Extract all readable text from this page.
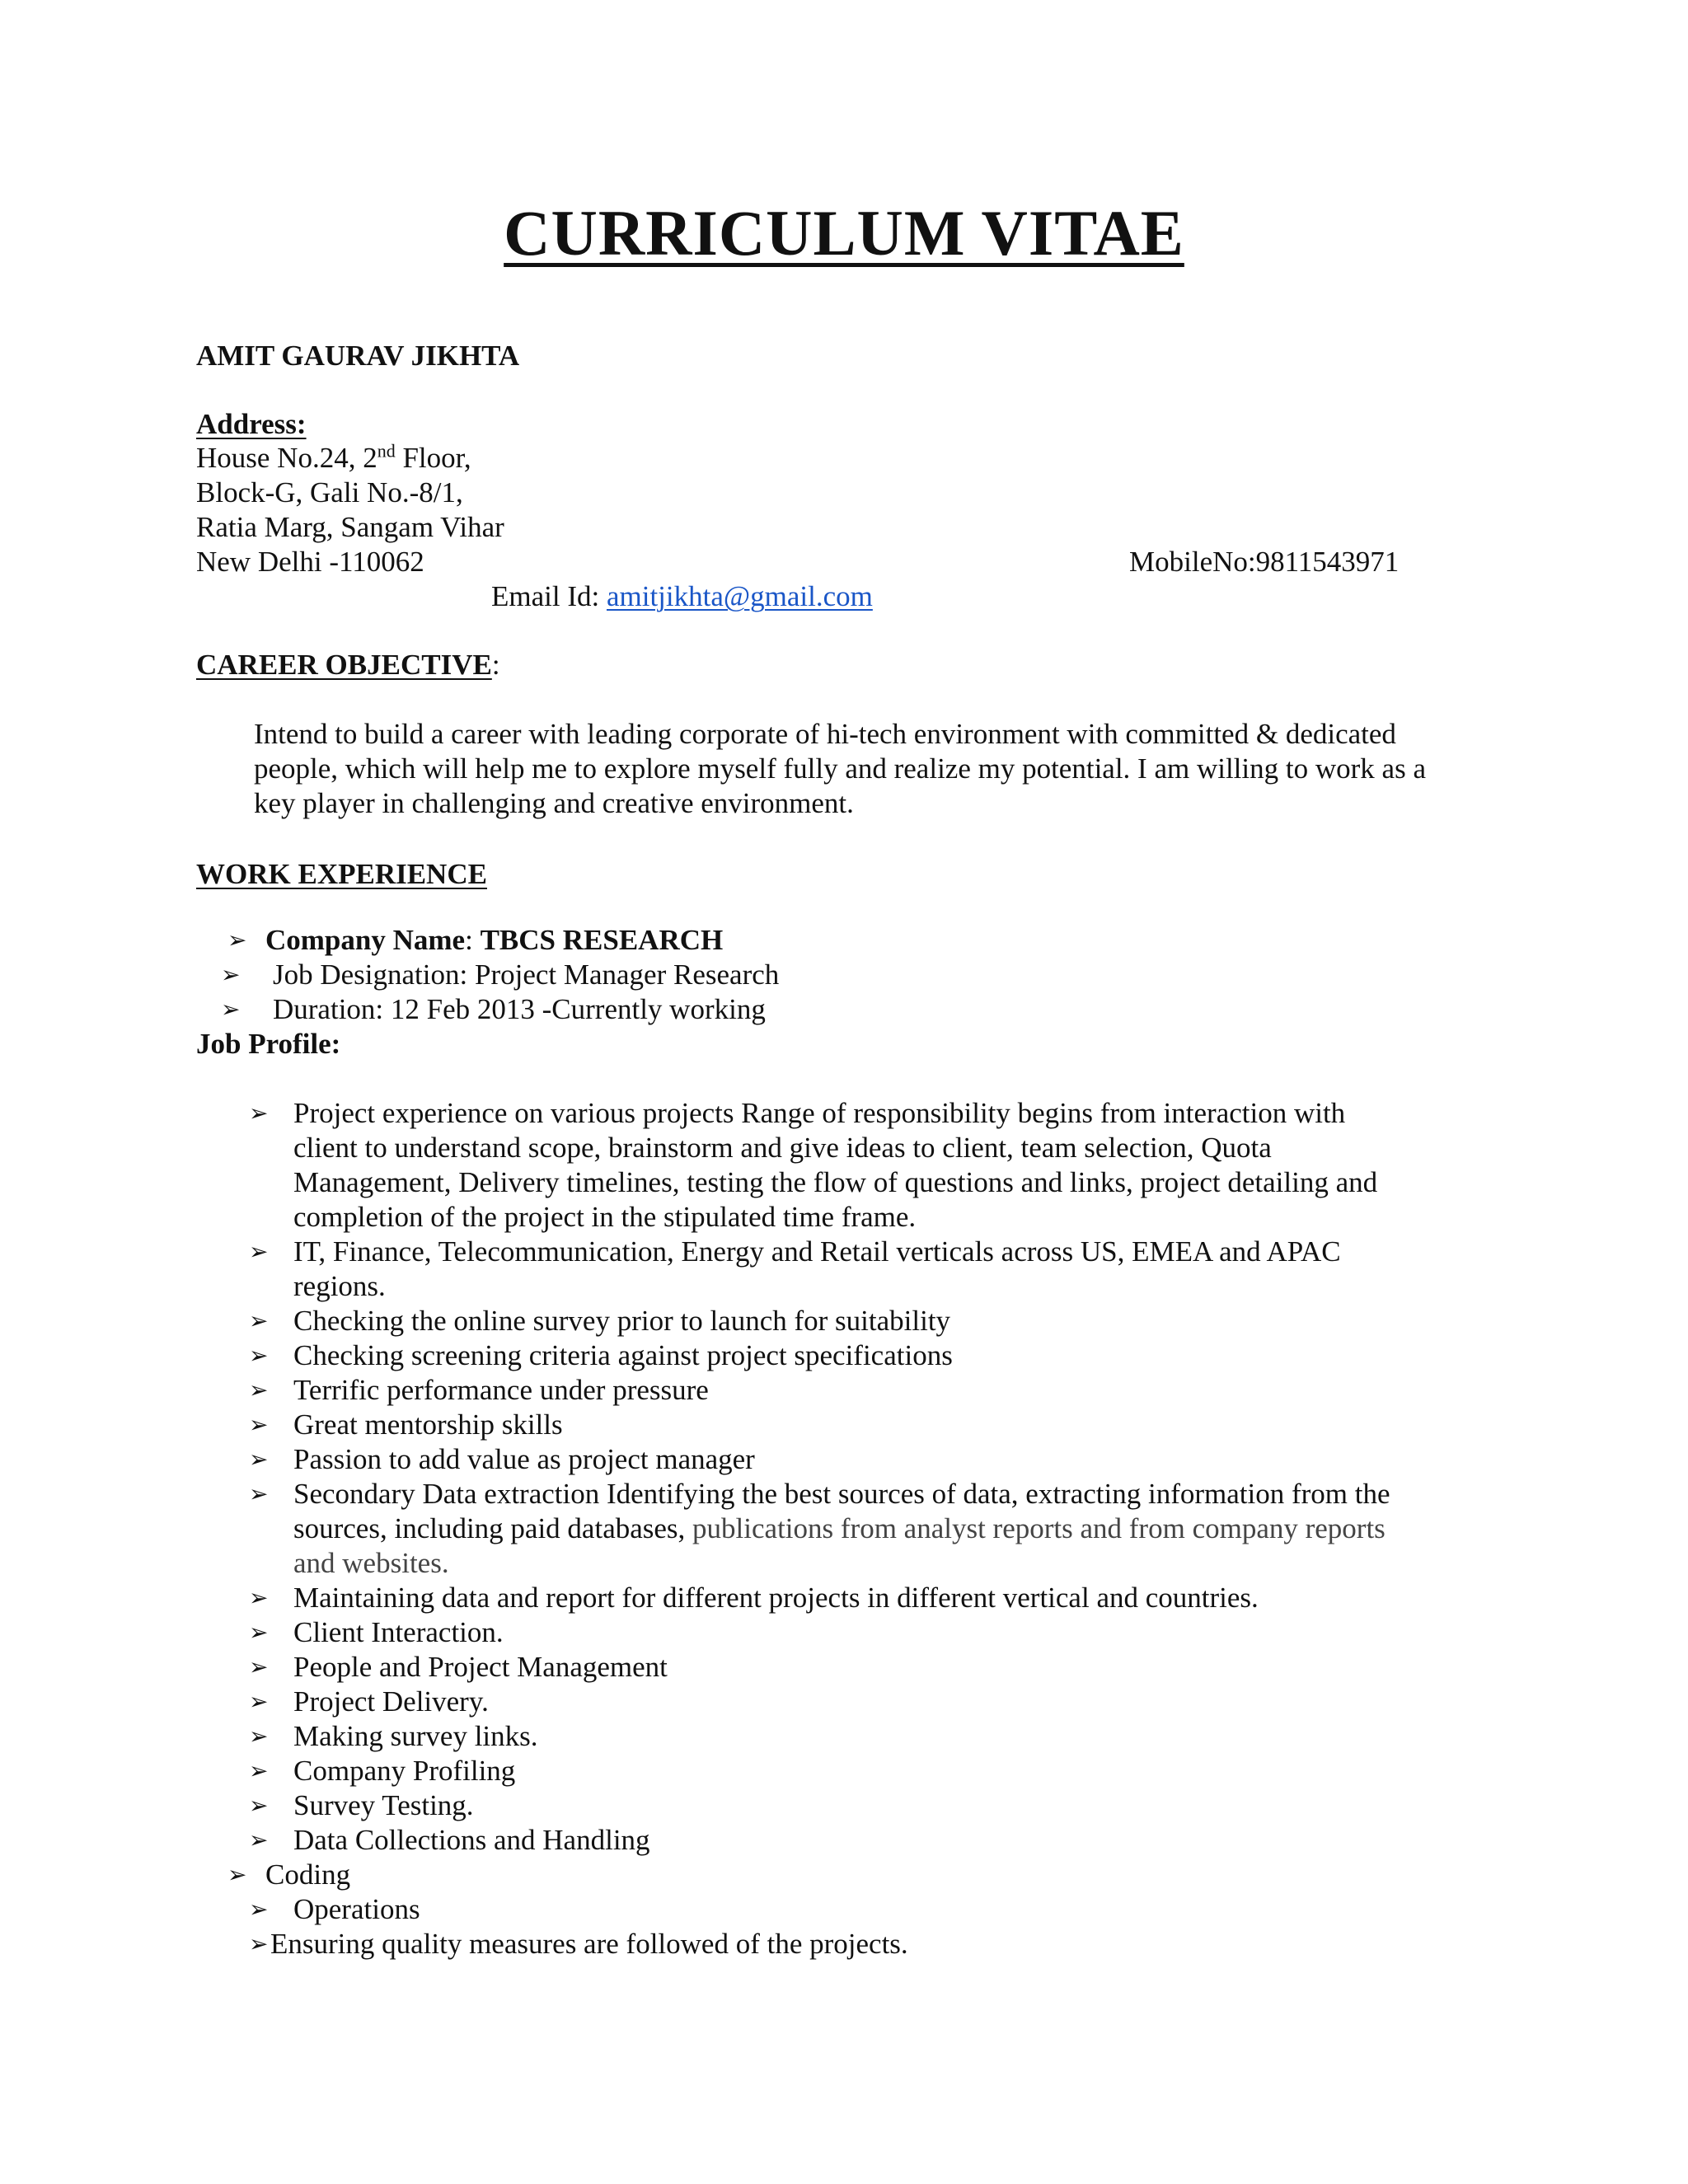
CURRICULUM VITAE
AMIT GAURAV JIKHTA
Address:
House No.24, 2nd Floor,
Block-G, Gali No.-8/1,
Ratia Marg, Sangam Vihar
New Delhi -110062	MobileNo:9811543971
Email Id: amitjikhta@gmail.com
CAREER OBJECTIVE:
Intend to build a career with leading corporate of hi-tech environment with committed & dedicated
people, which will help me to explore myself fully and realize my potential. I am willing to work as a
key player in challenging and creative environment.
WORK EXPERIENCE
➢ Company Name: TBCS RESEARCH
➢ Job Designation: Project Manager Research
➢ Duration: 12 Feb 2013 -Currently working
Job Profile:
➢ Project experience on various projects Range of responsibility begins from interaction with
client to understand scope, brainstorm and give ideas to client, team selection, Quota
Management, Delivery timelines, testing the flow of questions and links, project detailing and
completion of the project in the stipulated time frame.
➢ IT, Finance, Telecommunication, Energy and Retail verticals across US, EMEA and APAC
regions.
➢ Checking the online survey prior to launch for suitability
➢ Checking screening criteria against project specifications
➢ Terrific performance under pressure
➢ Great mentorship skills
➢ Passion to add value as project manager
➢ Secondary Data extraction Identifying the best sources of data, extracting information from the
sources, including paid databases, publications from analyst reports and from company reports
and websites.
➢ Maintaining data and report for different projects in different vertical and countries.
➢ Client Interaction.
➢ People and Project Management
➢ Project Delivery.
➢ Making survey links.
➢ Company Profiling
➢ Survey Testing.
➢ Data Collections and Handling
➢ Coding
➢ Operations
➢ Ensuring quality measures are followed of the projects.
